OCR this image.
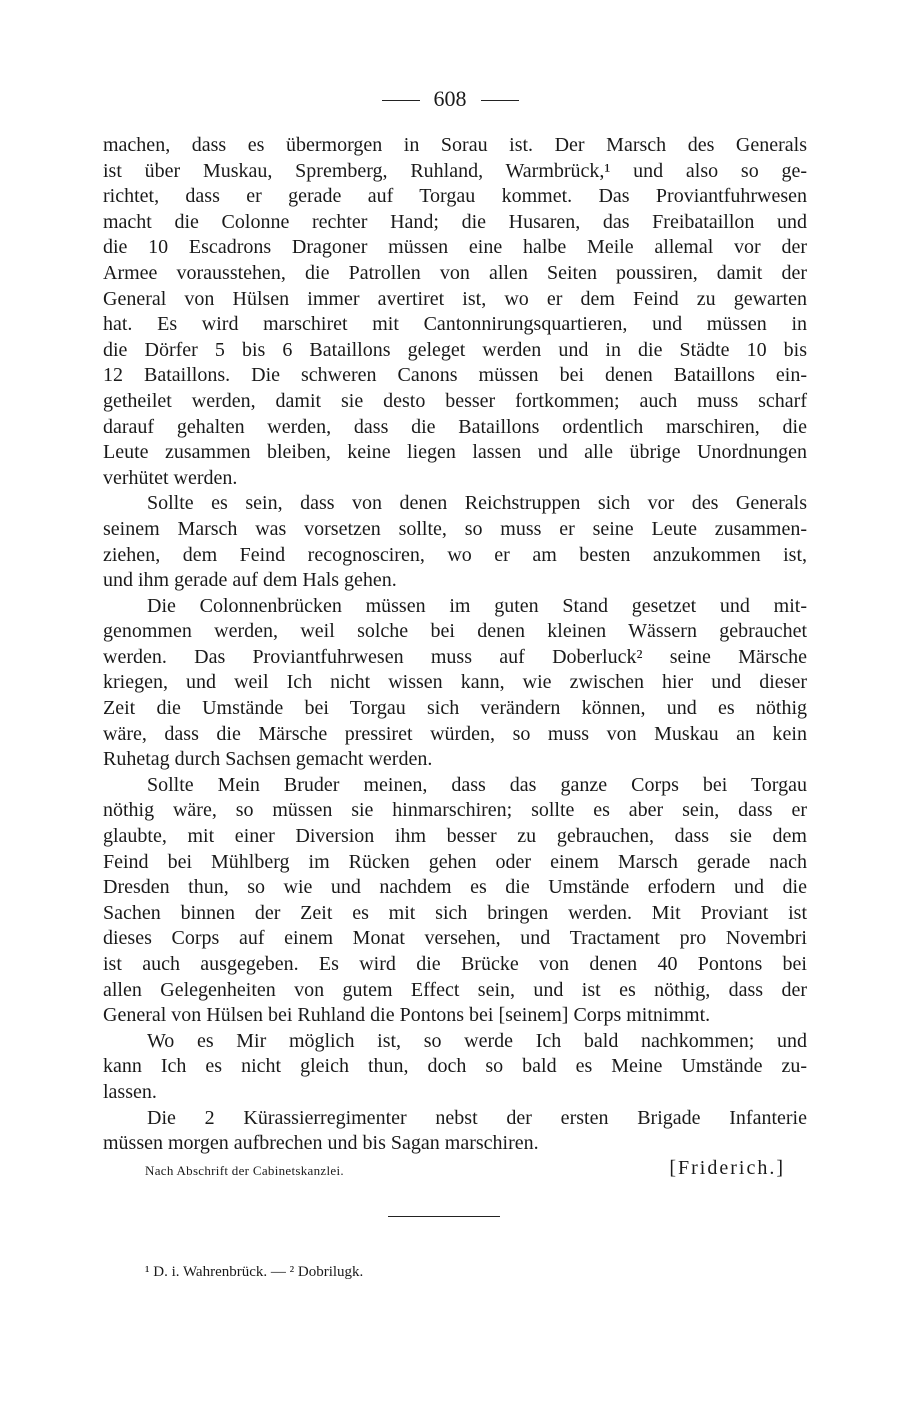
608
machen, dass es übermorgen in Sorau ist. Der Marsch des Generals
ist über Muskau, Spremberg, Ruhland, Warmbrück,¹ und also so ge-
richtet, dass er gerade auf Torgau kommet. Das Proviantfuhrwesen
macht die Colonne rechter Hand; die Husaren, das Freibataillon und
die 10 Escadrons Dragoner müssen eine halbe Meile allemal vor der
Armee vorausstehen, die Patrollen von allen Seiten poussiren, damit der
General von Hülsen immer avertiret ist, wo er dem Feind zu gewarten
hat. Es wird marschiret mit Cantonnirungsquartieren, und müssen in
die Dörfer 5 bis 6 Bataillons geleget werden und in die Städte 10 bis
12 Bataillons. Die schweren Canons müssen bei denen Bataillons ein-
getheilet werden, damit sie desto besser fortkommen; auch muss scharf
darauf gehalten werden, dass die Bataillons ordentlich marschiren, die
Leute zusammen bleiben, keine liegen lassen und alle übrige Unordnungen
verhütet werden.
Sollte es sein, dass von denen Reichstruppen sich vor des Generals
seinem Marsch was vorsetzen sollte, so muss er seine Leute zusammen-
ziehen, dem Feind recognosciren, wo er am besten anzukommen ist,
und ihm gerade auf dem Hals gehen.
Die Colonnenbrücken müssen im guten Stand gesetzet und mit-
genommen werden, weil solche bei denen kleinen Wässern gebrauchet
werden. Das Proviantfuhrwesen muss auf Doberluck² seine Märsche
kriegen, und weil Ich nicht wissen kann, wie zwischen hier und dieser
Zeit die Umstände bei Torgau sich verändern können, und es nöthig
wäre, dass die Märsche pressiret würden, so muss von Muskau an kein
Ruhetag durch Sachsen gemacht werden.
Sollte Mein Bruder meinen, dass das ganze Corps bei Torgau
nöthig wäre, so müssen sie hinmarschiren; sollte es aber sein, dass er
glaubte, mit einer Diversion ihm besser zu gebrauchen, dass sie dem
Feind bei Mühlberg im Rücken gehen oder einem Marsch gerade nach
Dresden thun, so wie und nachdem es die Umstände erfodern und die
Sachen binnen der Zeit es mit sich bringen werden. Mit Proviant ist
dieses Corps auf einem Monat versehen, und Tractament pro Novembri
ist auch ausgegeben. Es wird die Brücke von denen 40 Pontons bei
allen Gelegenheiten von gutem Effect sein, und ist es nöthig, dass der
General von Hülsen bei Ruhland die Pontons bei [seinem] Corps mitnimmt.
Wo es Mir möglich ist, so werde Ich bald nachkommen; und
kann Ich es nicht gleich thun, doch so bald es Meine Umstände zu-
lassen.
Die 2 Kürassierregimenter nebst der ersten Brigade Infanterie
müssen morgen aufbrechen und bis Sagan marschiren.
Nach Abschrift der Cabinetskanzlei.	[Friderich.]
¹ D. i. Wahrenbrück. — ² Dobrilugk.
